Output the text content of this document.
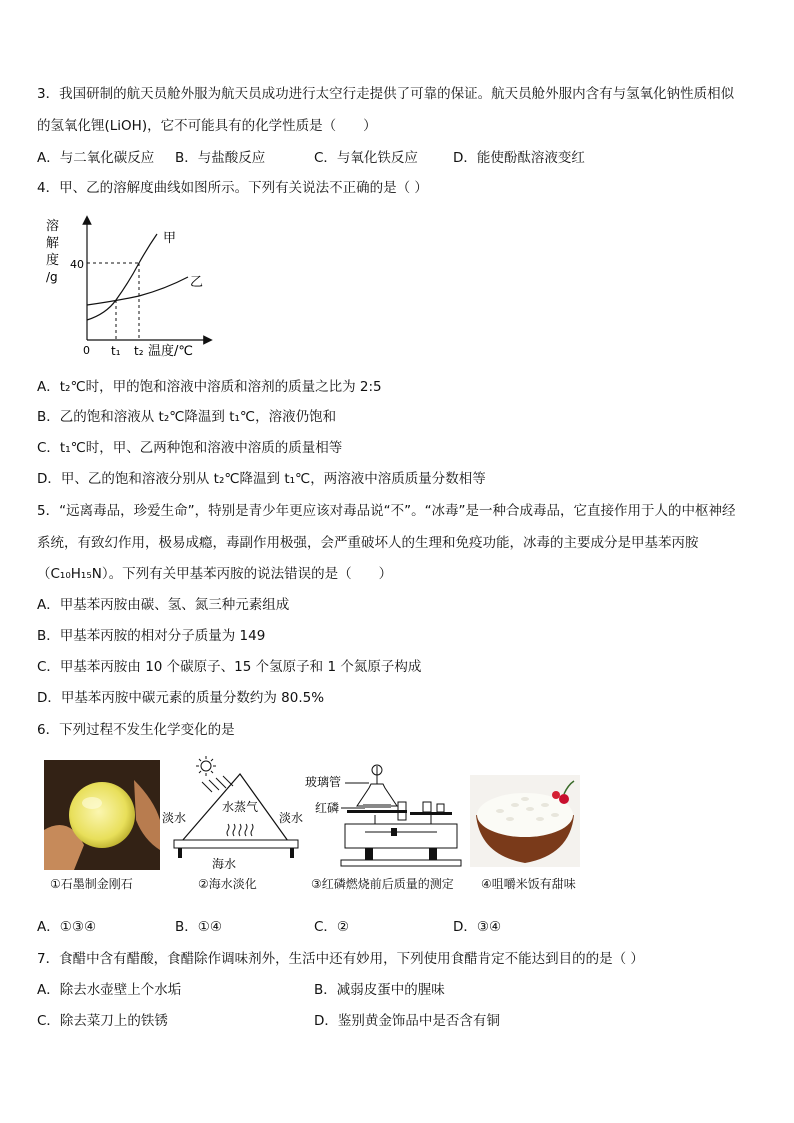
3．我国研制的航天员舱外服为航天员成功进行太空行走提供了可靠的保证。航天员舱外服内含有与氢氧化钠性质相似
的氢氧化锂(LiOH)，它不可能具有的化学性质是（　　）
A．与二氧化碳反应 B．与盐酸反应	C．与氧化铁反应	D．能使酚酞溶液变红
4．甲、乙的溶解度曲线如图所示。下列有关说法不正确的是（ ）
溶
解
度
/g
40
甲
乙
0 t₁ t₂ 温度/℃
A．t₂℃时，甲的饱和溶液中溶质和溶剂的质量之比为 2:5
B．乙的饱和溶液从 t₂℃降温到 t₁℃，溶液仍饱和
C．t₁℃时，甲、乙两种饱和溶液中溶质的质量相等
D．甲、乙的饱和溶液分别从 t₂℃降温到 t₁℃，两溶液中溶质质量分数相等
5．“远离毒品，珍爱生命”，特别是青少年更应该对毒品说“不”。“冰毒”是一种合成毒品，它直接作用于人的中枢神经
系统，有致幻作用，极易成瘾，毒副作用极强，会严重破坏人的生理和免疫功能，冰毒的主要成分是甲基苯丙胺
（C₁₀H₁₅N）。下列有关甲基苯丙胺的说法错误的是（　　）
A．甲基苯丙胺由碳、氢、氮三种元素组成
B．甲基苯丙胺的相对分子质量为 149
C．甲基苯丙胺由 10 个碳原子、15 个氢原子和 1 个氮原子构成
D．甲基苯丙胺中碳元素的质量分数约为 80.5%
6．下列过程不发生化学变化的是
淡水	淡水
水蒸气
海水
玻璃管
红磷
①石墨制金刚石	②海水淡化	③红磷燃烧前后质量的测定 ④咀嚼米饭有甜味
A．①③④	B．①④	C．②	D．③④
7．食醋中含有醋酸，食醋除作调味剂外，生活中还有妙用，下列使用食醋肯定不能达到目的的是（ ）
A．除去水壶壁上个水垢	B．减弱皮蛋中的腥味
C．除去菜刀上的铁锈	D．鉴别黄金饰品中是否含有铜
